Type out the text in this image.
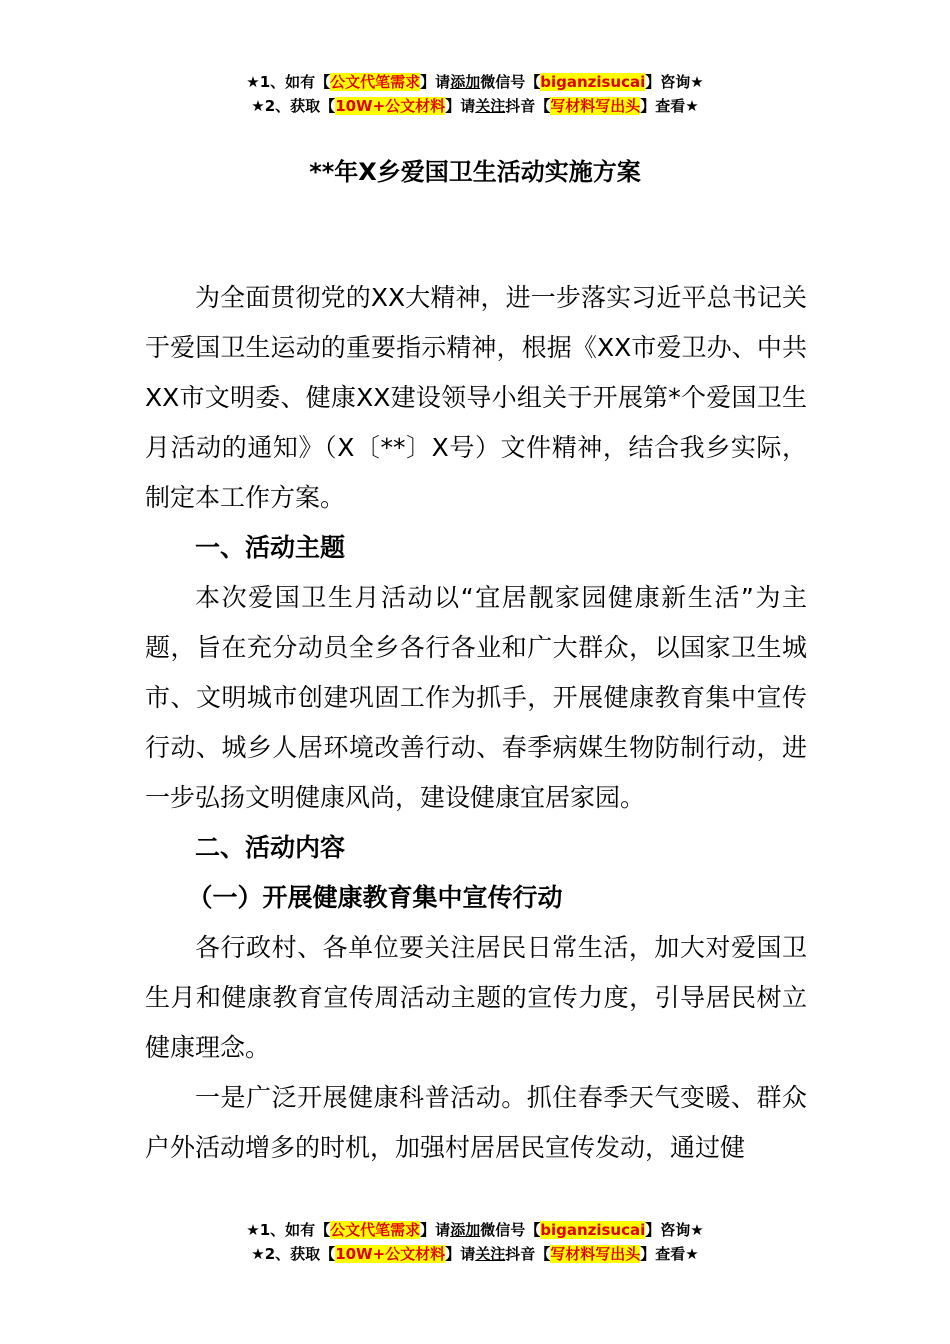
★1、如有【公文代笔需求】请添加微信号【biganzisucai】咨询★
★2、获取【10W+公文材料】请关注抖音【写材料写出头】查看★
**年X乡爱国卫生活动实施方案

为全面贯彻党的XX大精神，进一步落实习近平总书记关于爱国卫生运动的重要指示精神，根据《XX市爱卫办、中共XX市文明委、健康XX建设领导小组关于开展第*个爱国卫生月活动的通知》（X〔**〕X号）文件精神，结合我乡实际，制定本工作方案。

一、活动主题

本次爱国卫生月活动以“宜居靓家园健康新生活”为主题，旨在充分动员全乡各行各业和广大群众，以国家卫生城市、文明城市创建巩固工作为抓手，开展健康教育集中宣传行动、城乡人居环境改善行动、春季病媒生物防制行动，进一步弘扬文明健康风尚，建设健康宜居家园。

二、活动内容

（一）开展健康教育集中宣传行动

各行政村、各单位要关注居民日常生活，加大对爱国卫生月和健康教育宣传周活动主题的宣传力度，引导居民树立健康理念。

一是广泛开展健康科普活动。抓住春季天气变暖、群众户外活动增多的时机，加强村居居民宣传发动，通过健

★1、如有【公文代笔需求】请添加微信号【biganzisucai】咨询★
★2、获取【10W+公文材料】请关注抖音【写材料写出头】查看★
